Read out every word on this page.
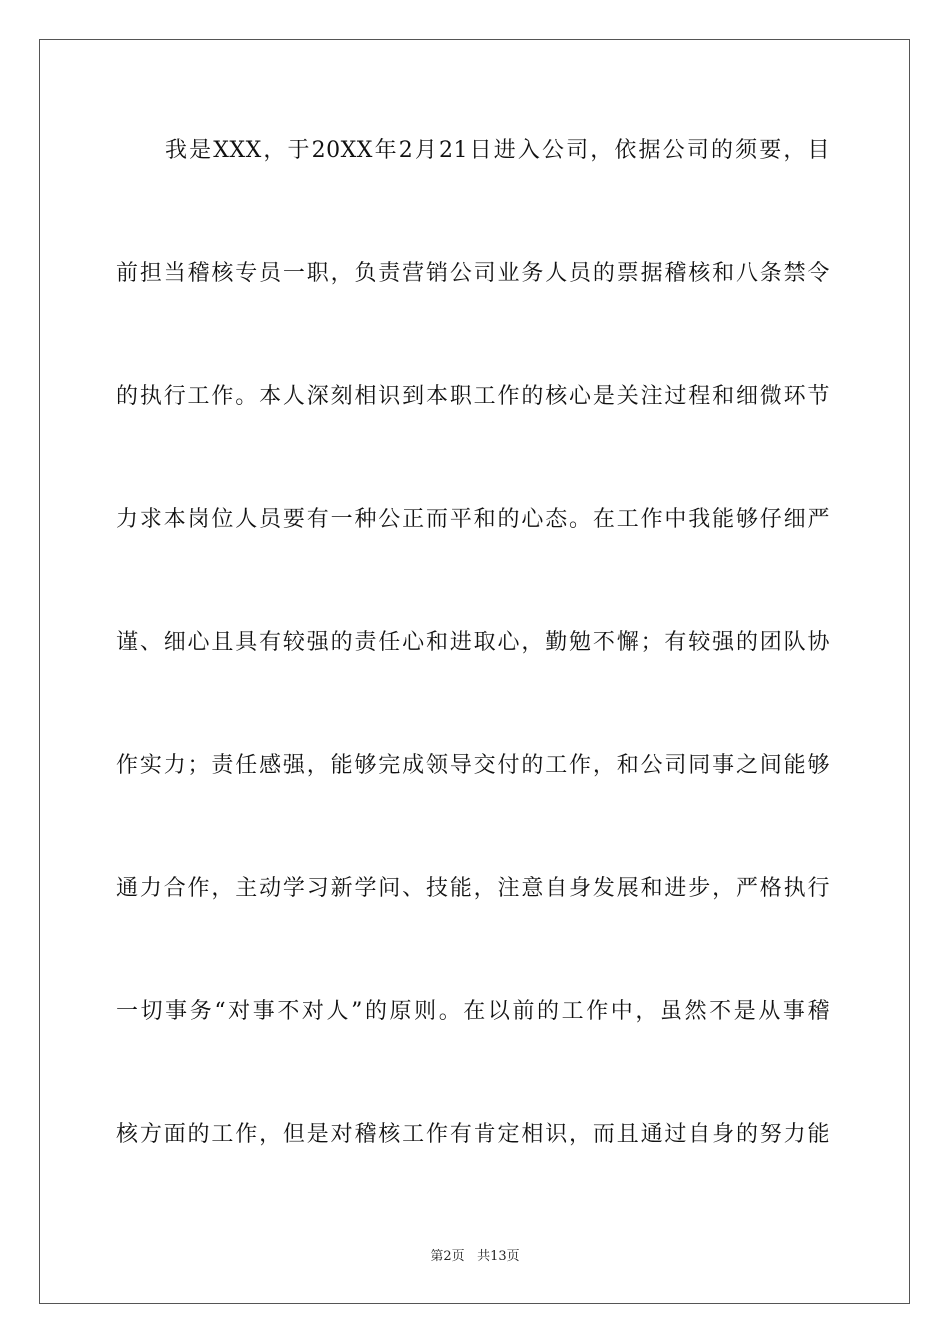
我是XXX，于20XX年2月21日进入公司，依据公司的须要，目
前担当稽核专员一职，负责营销公司业务人员的票据稽核和八条禁令
的执行工作。本人深刻相识到本职工作的核心是关注过程和细微环节
力求本岗位人员要有一种公正而平和的心态。在工作中我能够仔细严
谨、细心且具有较强的责任心和进取心，勤勉不懈；有较强的团队协
作实力；责任感强，能够完成领导交付的工作，和公司同事之间能够
通力合作，主动学习新学问、技能，注意自身发展和进步，严格执行
一切事务“对事不对人”的原则。在以前的工作中，虽然不是从事稽
核方面的工作，但是对稽核工作有肯定相识，而且通过自身的努力能
第2页 共13页
